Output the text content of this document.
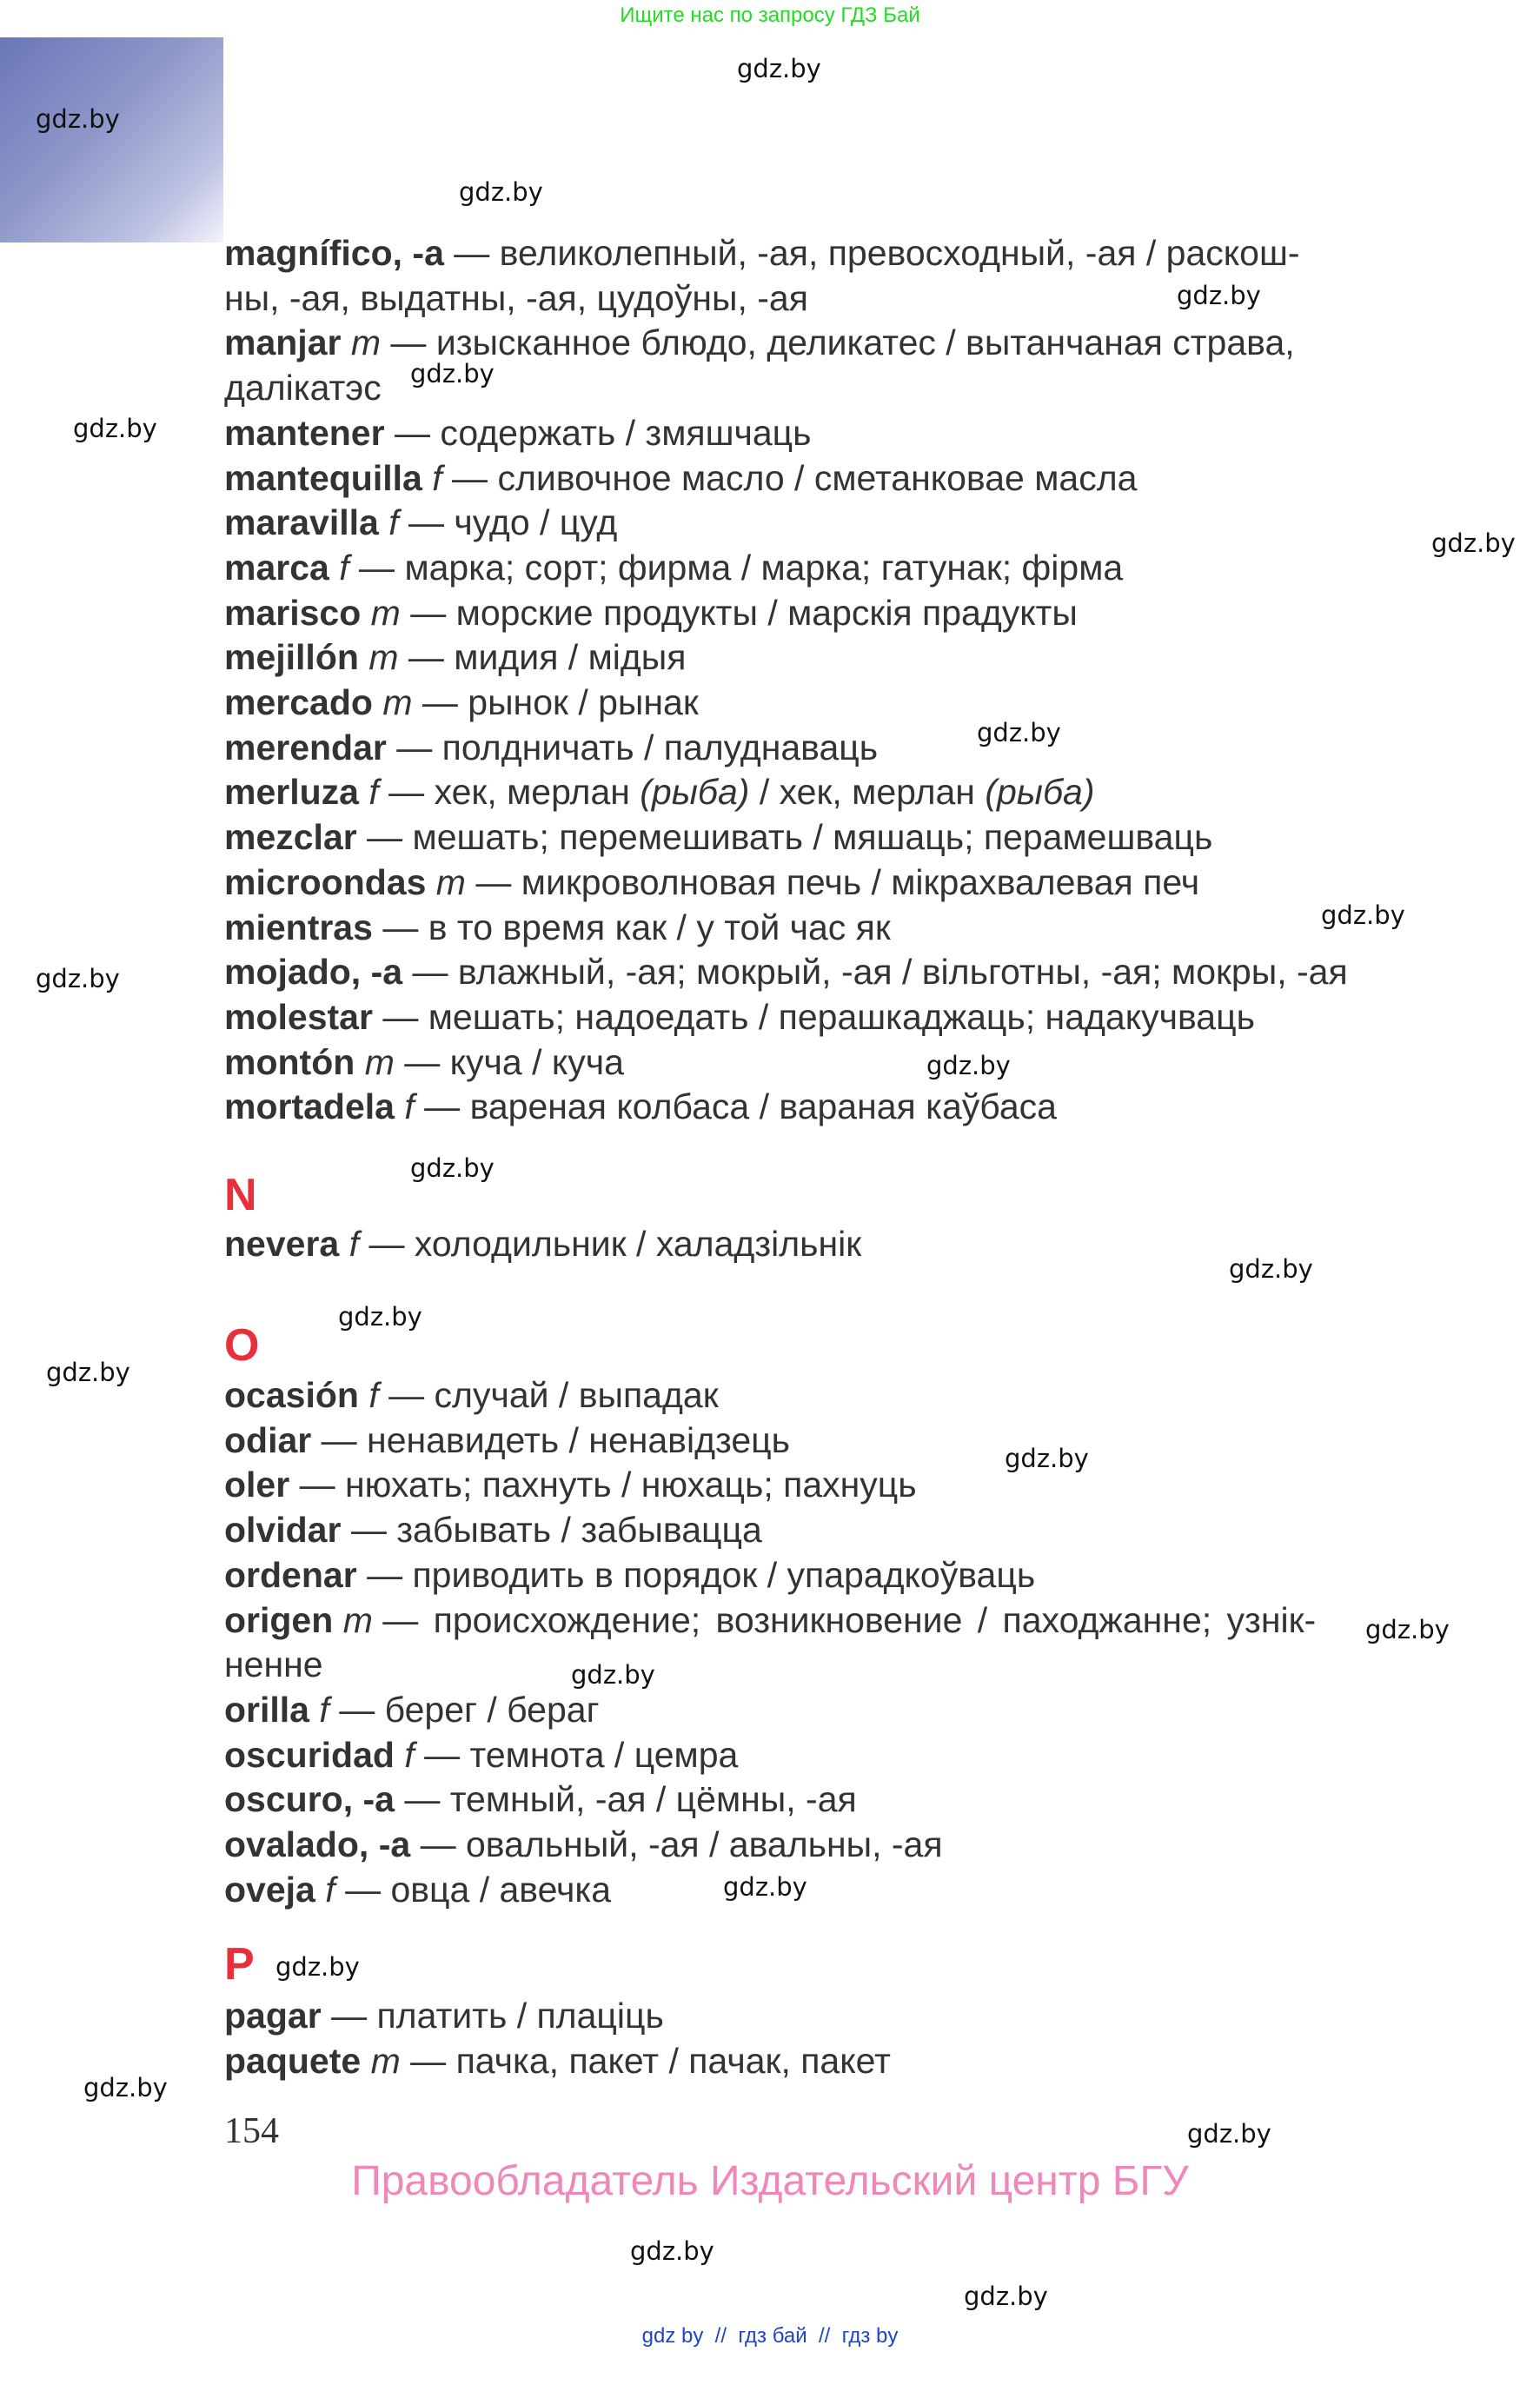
Ищите нас по запросу ГДЗ Бай
gdz.by
gdz.by
gdz.by
gdz.by
gdz.by
gdz.by
gdz.by
gdz.by
gdz.by
gdz.by
gdz.by
gdz.by
gdz.by
gdz.by
gdz.by
gdz.by
gdz.by
gdz.by
gdz.by
gdz.by
gdz.by
gdz.by
gdz.by
gdz.by
magnífico, -a — великолепный, -ая, превосходный, -ая / раскош-
ны, -ая, выдатны, -ая, цудоўны, -ая
manjar m — изысканное блюдо, деликатес / вытанчаная страва,
далікатэс
mantener — содержать / змяшчаць
mantequilla f — сливочное масло / сметанковае масла
maravilla f — чудо / цуд
marca f — марка; сорт; фирма / марка; гатунак; фірма
marisco m — морские продукты / марскія прадукты
mejillón m — мидия / мідыя
mercado m — рынок / рынак
merendar — полдничать / палуднаваць
merluza f — хек, мерлан (рыба) / хек, мерлан (рыба)
mezclar — мешать; перемешивать / мяшаць; перамешваць
microondas m — микроволновая печь / мікрахвалевая печ
mientras — в то время как / у той час як
mojado, -a — влажный, -ая; мокрый, -ая / вільготны, -ая; мокры, -ая
molestar — мешать; надоедать / перашкаджаць; надакучваць
montón m — куча / куча
mortadela f — вареная колбаса / вараная каўбаса
N
nevera f — холодильник / халадзільнік
O
ocasión f — случай / выпадак
odiar — ненавидеть / ненавідзець
oler — нюхать; пахнуть / нюхаць; пахнуць
olvidar — забывать / забывацца
ordenar — приводить в порядок / упарадкоўваць
origen m — происхождение; возникновение / паходжанне; узнік-
ненне
orilla f — берег / бераг
oscuridad f — темнота / цемра
oscuro, -a — темный, -ая / цёмны, -ая
ovalado, -a — овальный, -ая / авальны, -ая
oveja f — овца / авечка
P
pagar — платить / плаціць
paquete m — пачка, пакет / пачак, пакет
154
Правообладатель Издательский центр БГУ
gdz by  //  гдз бай  //  гдз by
